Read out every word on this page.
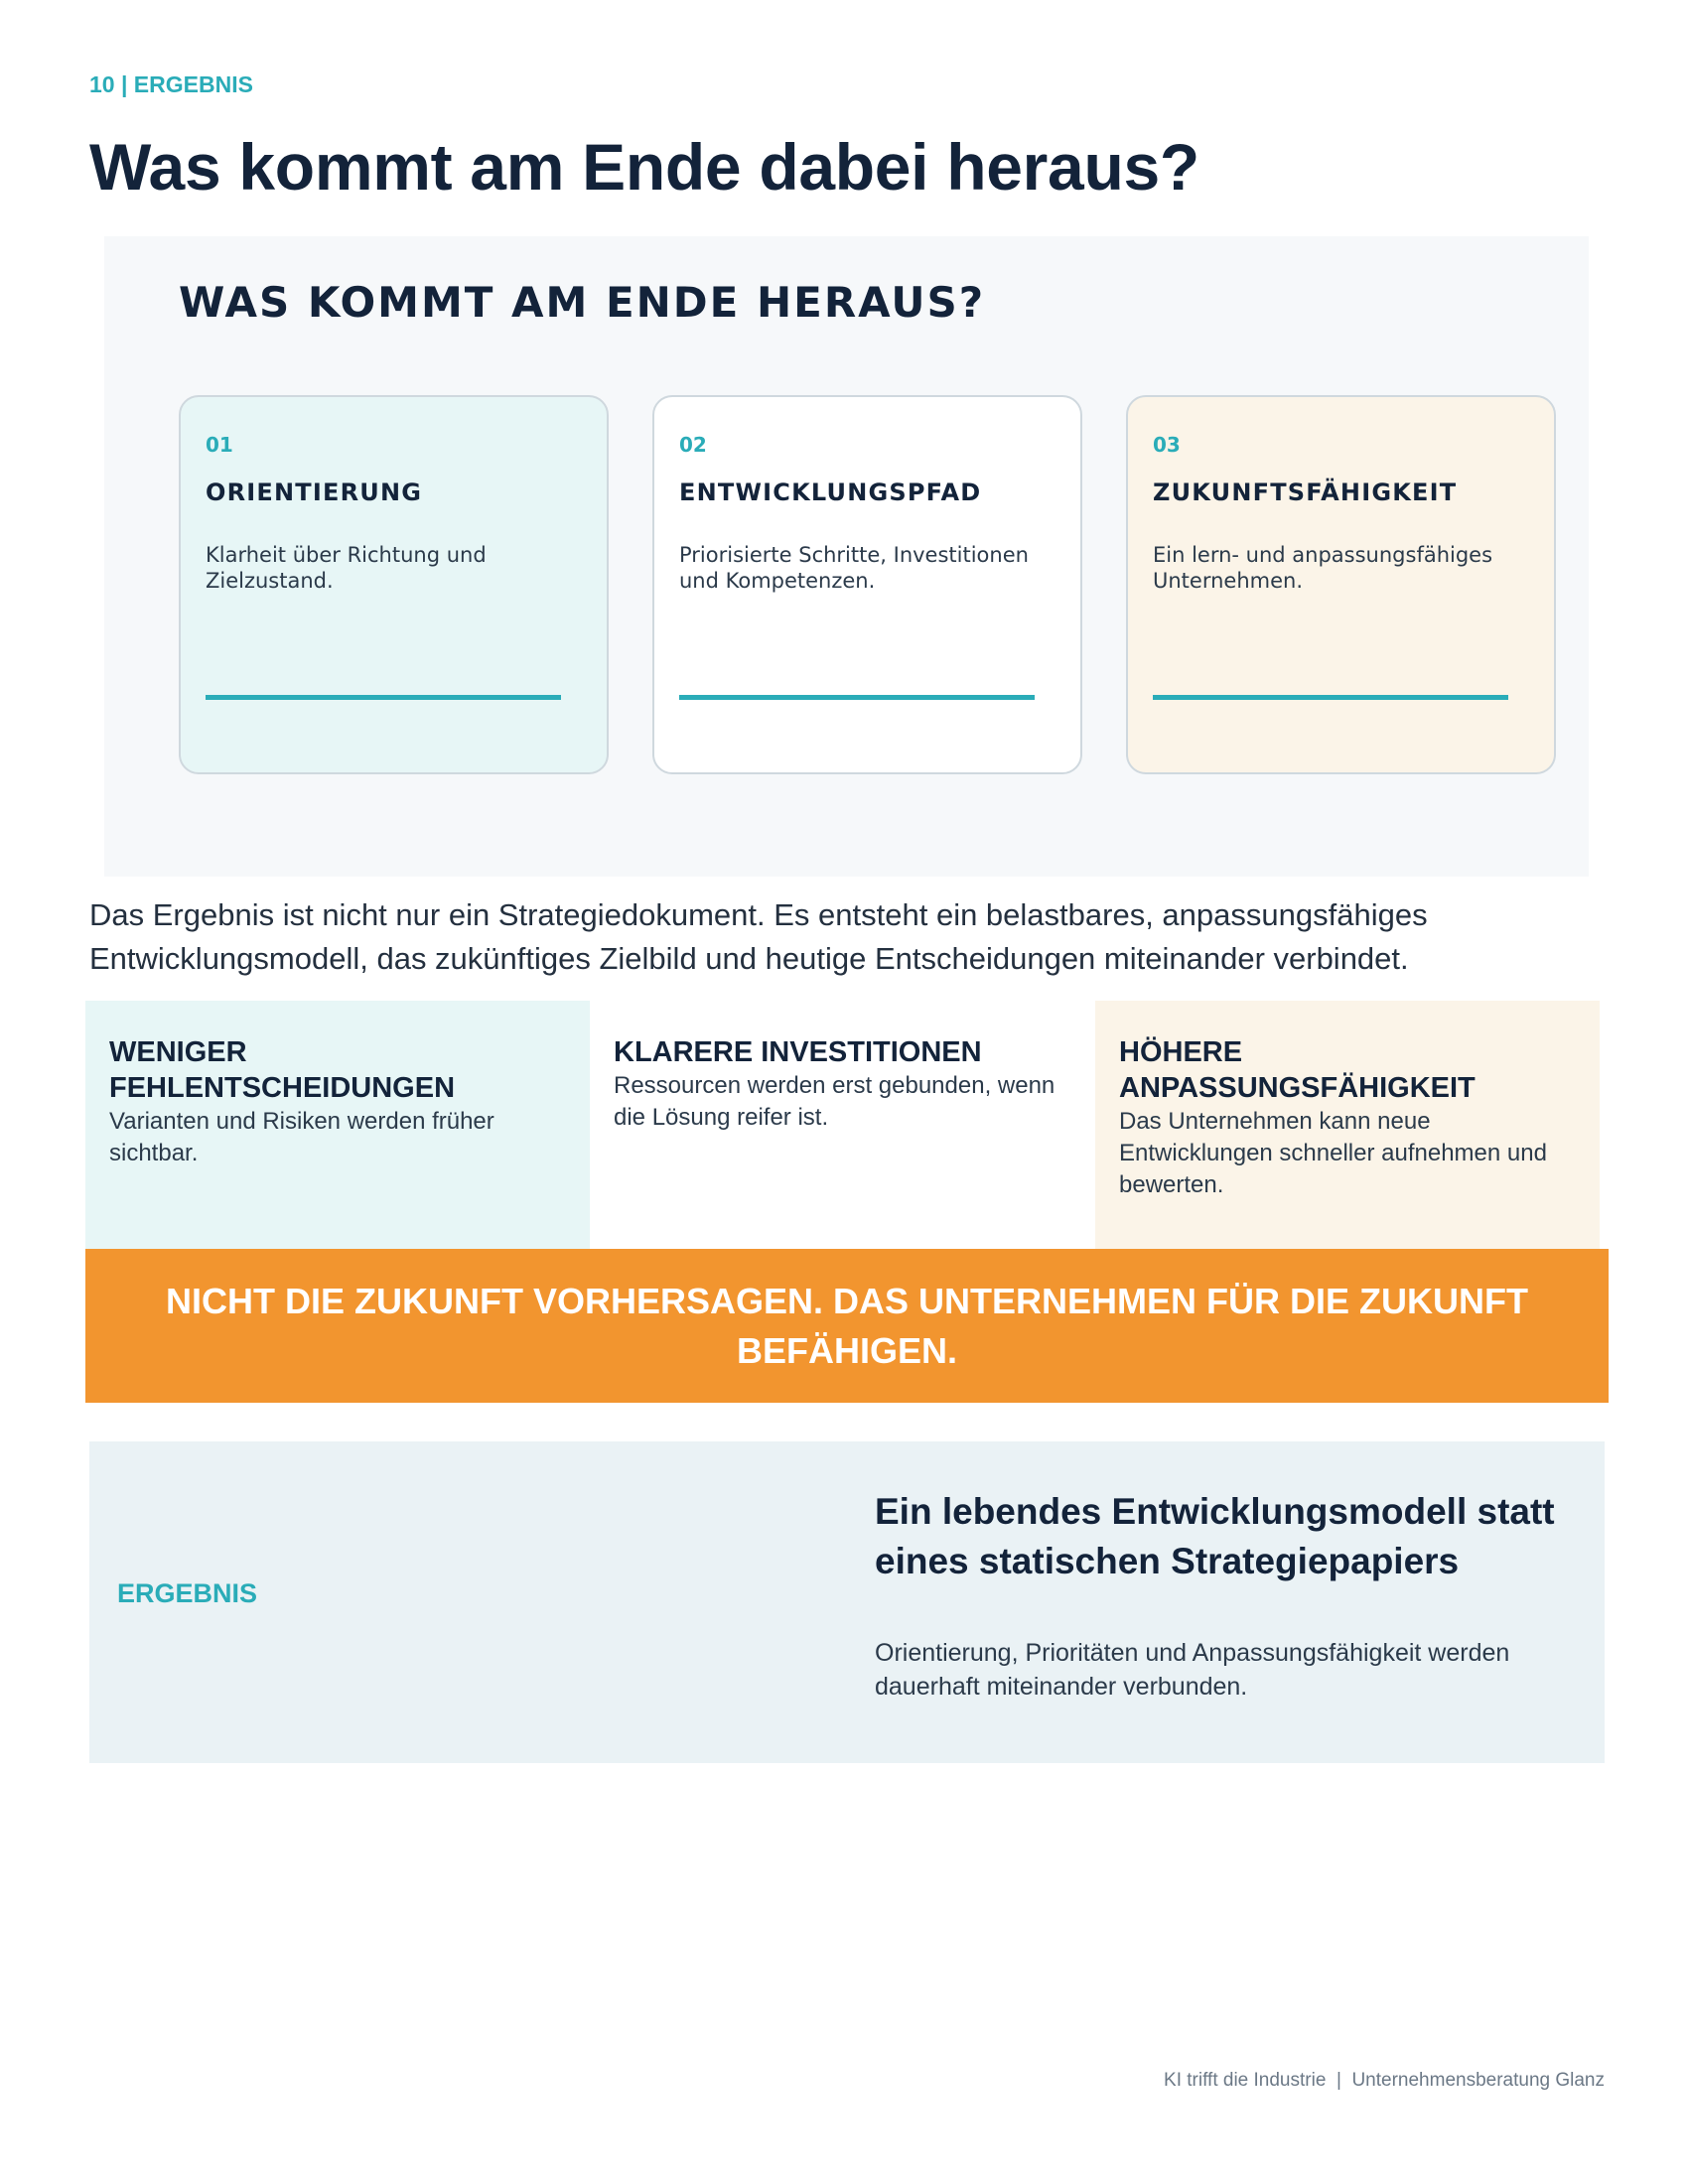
10 | ERGEBNIS
Was kommt am Ende dabei heraus?
WAS KOMMT AM ENDE HERAUS?
01
ORIENTIERUNG
Klarheit über Richtung und Zielzustand.
02
ENTWICKLUNGSPFAD
Priorisierte Schritte, Investitionen und Kompetenzen.
03
ZUKUNFTSFÄHIGKEIT
Ein lern- und anpassungsfähiges Unternehmen.
Das Ergebnis ist nicht nur ein Strategiedokument. Es entsteht ein belastbares, anpassungsfähiges Entwicklungsmodell, das zukünftiges Zielbild und heutige Entscheidungen miteinander verbindet.
WENIGER FEHLENTSCHEIDUNGEN
Varianten und Risiken werden früher sichtbar.
KLARERE INVESTITIONEN
Ressourcen werden erst gebunden, wenn die Lösung reifer ist.
HÖHERE ANPASSUNGSFÄHIGKEIT
Das Unternehmen kann neue Entwicklungen schneller aufnehmen und bewerten.
NICHT DIE ZUKUNFT VORHERSAGEN. DAS UNTERNEHMEN FÜR DIE ZUKUNFT BEFÄHIGEN.
ERGEBNIS
Ein lebendes Entwicklungsmodell statt eines statischen Strategiepapiers
Orientierung, Prioritäten und Anpassungsfähigkeit werden dauerhaft miteinander verbunden.
KI trifft die Industrie | Unternehmensberatung Glanz
